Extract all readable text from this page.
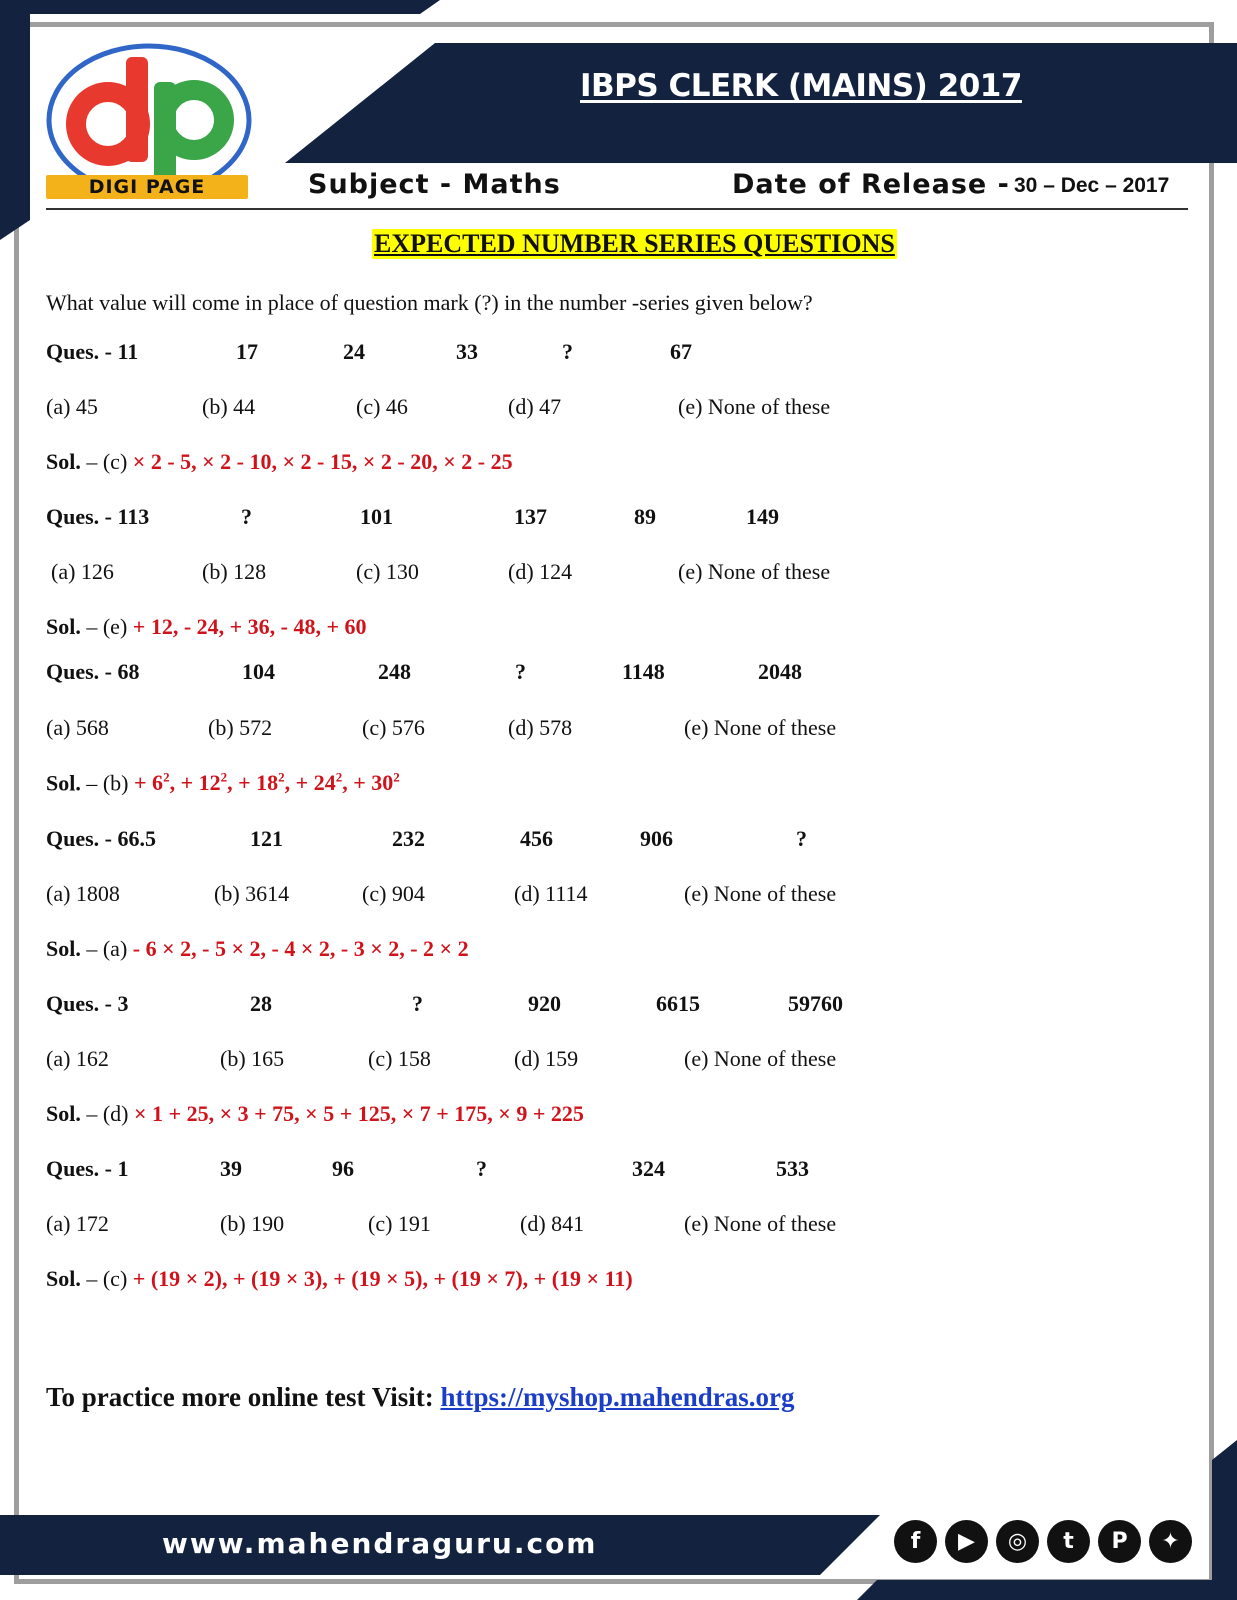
IBPS CLERK (MAINS) 2017
DIGI PAGE	Subject - Maths	Date of Release - 30 – Dec – 2017
EXPECTED NUMBER SERIES QUESTIONS
What value will come in place of question mark (?) in the number -series given below?
Ques. - 11	17	24	33	?	67
(a) 45	(b) 44	(c) 46	(d) 47	(e) None of these
Sol. – (c) × 2 - 5, × 2 - 10, × 2 - 15, × 2 - 20, × 2 - 25
Ques. - 113	?	101	137	89	149
(a) 126	(b) 128	(c) 130	(d) 124	(e) None of these
Sol. – (e) + 12, - 24, + 36, - 48, + 60
Ques. - 68	104	248	?	1148	2048
(a) 568	(b) 572	(c) 576	(d) 578	(e) None of these
Sol. – $(b) + 6^2$, + $12^2$, + $18^2$, + $24^2$, + $30^2$
Ques. - 66.5	121	232	456	906	?
(a) 1808	(b) 3614	(c) 904	(d) 1114	(e) None of these
Sol. – (a) - 6 × 2, - 5 × 2, - 4 × 2, - 3 × 2, - 2 × 2
Ques. - 3	28	?	920	6615	59760
(a) 162	(b) 165	(c) 158	(d) 159	(e) None of these
Sol. – (d) × 1 + 25, × 3 + 75, × 5 + 125, × 7 + 175, × 9 + 225
Ques. - 1	39	96	?	324	533
(a) 172	(b) 190	(c) 191	(d) 841	(e) None of these
Sol. – (c) + (19 × 2), + (19 × 3), + (19 × 5), + (19 × 7), + (19 × 11)
To practice more online test Visit: https://myshop.mahendras.org
www.mahendraguru.com	f	▶	◎	t	P	✦
